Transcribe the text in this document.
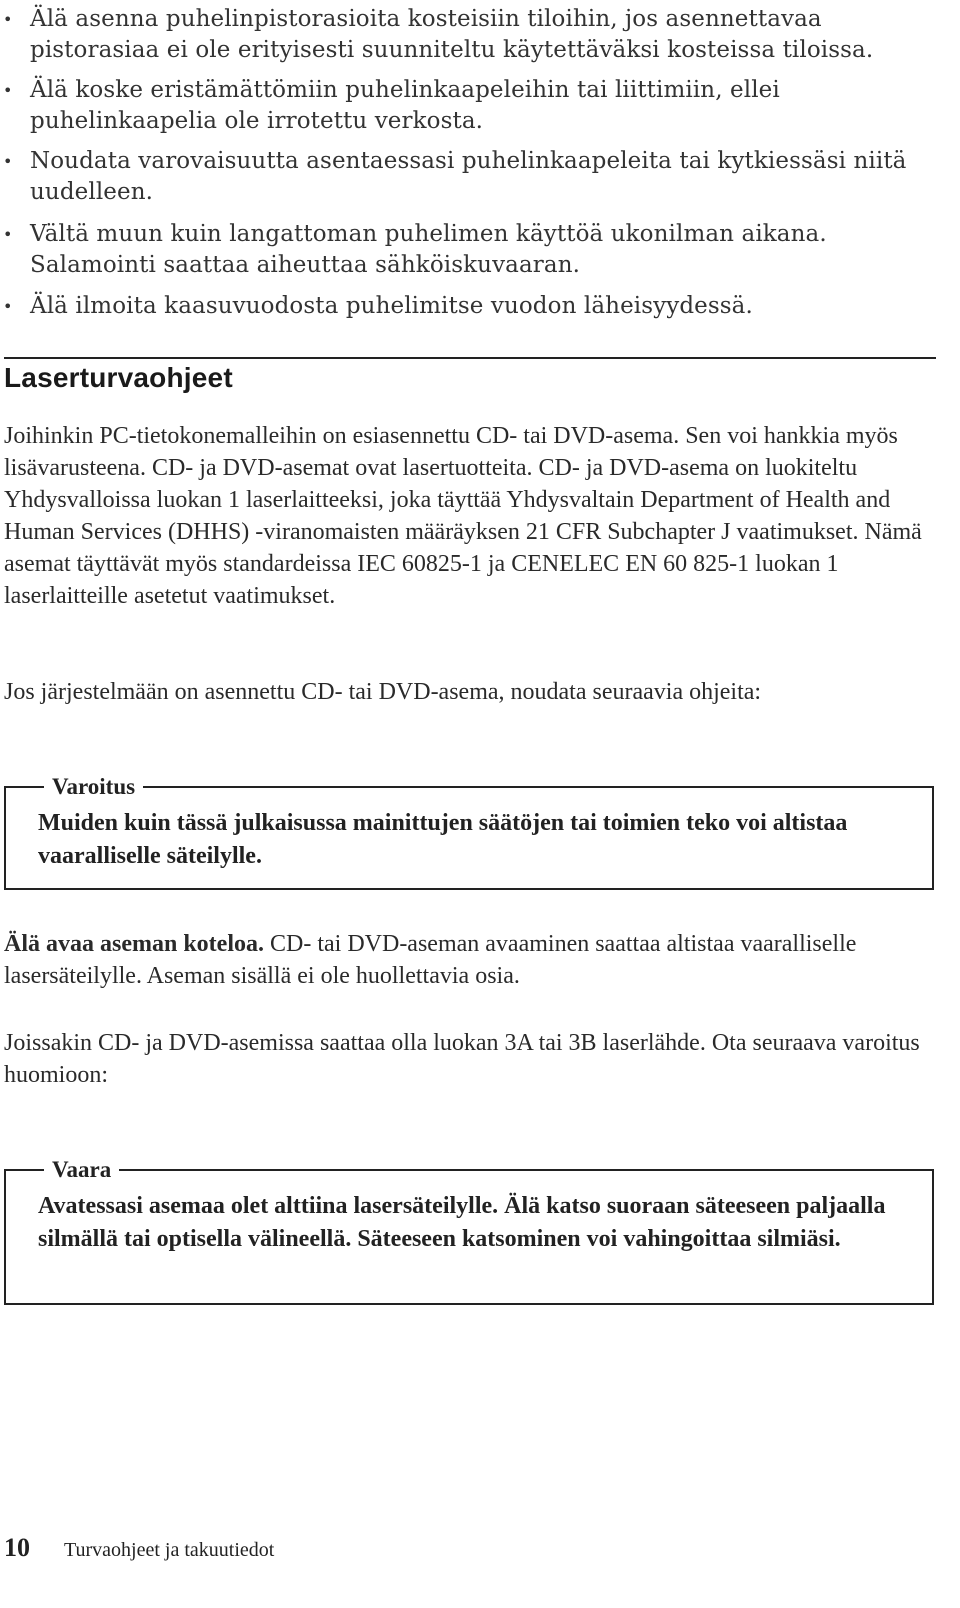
• Älä asenna puhelinpistorasioita kosteisiin tiloihin, jos asennettavaa pistorasiaa ei ole erityisesti suunniteltu käytettäväksi kosteissa tiloissa.
• Älä koske eristämättömiin puhelinkaapeleihin tai liittimiin, ellei puhelinkaapelia ole irrotettu verkosta.
• Noudata varovaisuutta asentaessasi puhelinkaapeleita tai kytkiessäsi niitä uudelleen.
• Vältä muun kuin langattoman puhelimen käyttöä ukonilman aikana. Salamointi saattaa aiheuttaa sähköiskuvaaran.
• Älä ilmoita kaasuvuodosta puhelimitse vuodon läheisyydessä.
Laserturvaohjeet
Joihinkin PC-tietokonemalleihin on esiasennettu CD- tai DVD-asema. Sen voi hankkia myös lisävarusteena. CD- ja DVD-asemat ovat lasertuotteita. CD- ja DVD-asema on luokiteltu Yhdysvalloissa luokan 1 laserlaitteeksi, joka täyttää Yhdysvaltain Department of Health and Human Services (DHHS) -viranomaisten määräyksen 21 CFR Subchapter J vaatimukset. Nämä asemat täyttävät myös standardeissa IEC 60825-1 ja CENELEC EN 60 825-1 luokan 1 laserlaitteille asetetut vaatimukset.
Jos järjestelmään on asennettu CD- tai DVD-asema, noudata seuraavia ohjeita:
Varoitus
Muiden kuin tässä julkaisussa mainittujen säätöjen tai toimien teko voi altistaa vaaralliselle säteilylle.
Älä avaa aseman koteloa. CD- tai DVD-aseman avaaminen saattaa altistaa vaaralliselle lasersäteilylle. Aseman sisällä ei ole huollettavia osia.
Joissakin CD- ja DVD-asemissa saattaa olla luokan 3A tai 3B laserlähde. Ota seuraava varoitus huomioon:
Vaara
Avatessasi asemaa olet alttiina lasersäteilylle. Älä katso suoraan säteeseen paljaalla silmällä tai optisella välineellä. Säteeseen katsominen voi vahingoittaa silmiäsi.
10 Turvaohjeet ja takuutiedot
